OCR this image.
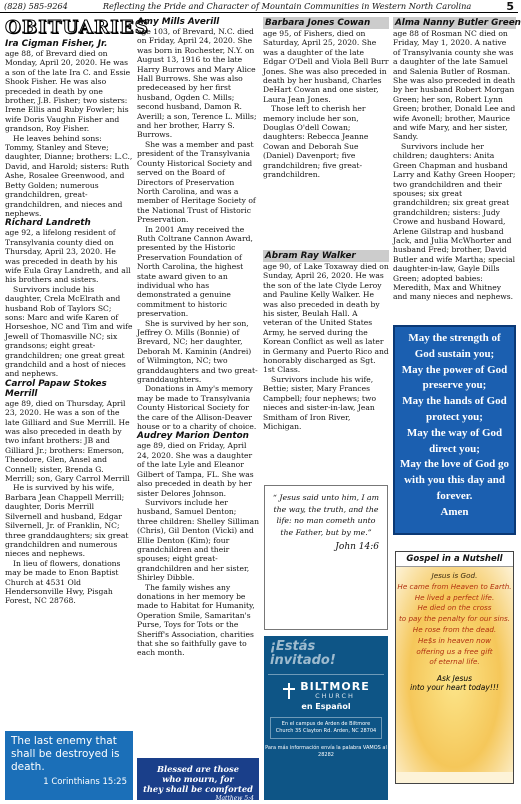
(828) 585-9264	Reflecting the Pride and Character of Mountain Communities in Western North Carolina	5
OBITUARIES
Ira Cigman Fisher, Jr.
age 88, of Brevard died on Monday, April 20, 2020. He was a son of the late Ira C. and Essie Shook Fisher. He was also preceded in death by one brother, J.B. Fisher; two sisters: Irene Ellis and Ruby Fowler; his wife Doris Vaughn Fisher and grandson, Roy Fisher.
He leaves behind sons: Tommy, Stanley and Steve; daughter, Dianne; brothers: L.C., David, and Harold; sisters: Ruth Ashe, Rosalee Greenwood, and Betty Golden; numerous grandchildren, great-grandchildren, and nieces and nephews.
Richard Landreth
age 92, a lifelong resident of Transylvania county died on Thursday, April 23, 2020. He was preceded in death by his wife Eula Gray Landreth, and all his brothers and sisters.
Survivors include his daughter, Crela McElrath and husband Rob of Taylors SC; sons: Marc and wife Karen of Horseshoe, NC and Tim and wife Jewell of Thomasville NC; six grandsons; eight great-grandchildren; one great great grandchild and a host of nieces and nephews.
Carrol Papaw Stokes Merrill
age 89, died on Thursday, April 23, 2020. He was a son of the late Gilliard and Sue Merrill. He was also preceded in death by two infant brothers: JB and Gilliard Jr.; brothers: Emerson, Theodore, Glen, Ansel and Connell; sister, Brenda G. Merrill; son, Gary Carrol Merrill
He is survived by his wife, Barbara Jean Chappell Merrill; daughter, Doris Merrill Silvernell and husband, Edgar Silvernell, Jr. of Franklin, NC; three granddaughters; six great grandchildren and numerous nieces and nephews.
In lieu of flowers, donations may be made to Enon Baptist Church at 4531 Old Hendersonville Hwy, Pisgah Forest, NC 28768.
Amy Mills Averill
age 103, of Brevard, N.C. died on Friday, April 24, 2020. She was born in Rochester, N.Y. on August 13, 1916 to the late Harry Burrows and Mary Alice Hall Burrows. She was also predeceased by her first husband, Ogden C. Mills; second husband, Damon R. Averill; a son, Terence L. Mills; and her brother, Harry S. Burrows.
She was a member and past president of the Transylvania County Historical Society and served on the Board of Directors of Preservation North Carolina, and was a member of Heritage Society of the National Trust of Historic Preservation.
In 2001 Amy received the Ruth Coltrane Cannon Award, presented by the Historic Preservation Foundation of North Carolina, the highest state award given to an individual who has demonstrated a genuine commitment to historic preservation.
She is survived by her son, Jeffrey O. Mills (Bonnie) of Brevard, NC; her daughter, Deborah M. Kaminin (Andrei) of Wilmington, NC; two granddaughters and two great-granddaughters.
Donations in Amy's memory may be made to Transylvania County Historical Society for the care of the Allison-Deaver house or to a charity of choice.
Audrey Marion Denton
age 89, died on Friday, April 24, 2020. She was a daughter of the late Lyle and Eleanor Gilbert of Tampa, FL. She was also preceded in death by her sister Delores Johnson.
Survivors include her husband, Samuel Denton; three children: Shelley Silliman (Chris), Gil Denton (Vicki) and Ellie Denton (Kim); four grandchildren and their spouses; eight great-grandchildren and her sister, Shirley Dibble.
The family wishes any donations in her memory be made to Habitat for Humanity, Operation Smile, Samaritan's Purse, Toys for Tots or the Sheriff's Association, charities that she so faithfully gave to each month.
Barbara Jones Cowan
age 95, of Fishers, died on Saturday, April 25, 2020. She was a daughter of the late Edgar O'Dell and Viola Bell Burr Jones. She was also preceded in death by her husband, Charles DeHart Cowan and one sister, Laura Jean Jones.
Those left to cherish her memory include her son, Douglas O'dell Cowan; daughters: Rebecca Jeanne Cowan and Deborah Sue (Daniel) Davenport; five grandchildren; five great-grandchildren.
Abram Ray Walker
age 90, of Lake Toxaway died on Sunday, April 26, 2020. He was the son of the late Clyde Leroy and Pauline Kelly Walker. He was also preceded in death by his sister, Beulah Hall. A veteran of the United States Army, he served during the Korean Conflict as well as later in Germany and Puerto Rico and honorably discharged as Sgt. 1st Class.
Survivors include his wife, Bettie; sister, Mary Frances Campbell; four nephews; two nieces and sister-in-law, Jean Smitham of Iron River, Michigan.
“ Jesus said unto him, I am the way, the truth, and the life: no man cometh unto the Father, but by me.”
John 14:6
¡Estás
invitado!
BILTMORE
CHURCH
en Español
En el campus de Arden de Biltmore Church 35 Clayton Rd. Arden, NC 28704
Para más información envía la palabra VAMOS al 28282
Alma Nanny Butler Green
age 88 of Rosman NC died on Friday, May 1, 2020. A native of Transylvania county she was a daughter of the late Samuel and Salenia Butler of Rosman. She was also preceded in death by her husband Robert Morgan Green; her son, Robert Lynn Green; brother, Donald Lee and wife Avonell; brother, Maurice and wife Mary, and her sister, Sandy.
Survivors include her children; daughters: Anita Green Chapman and husband Larry and Kathy Green Hooper; two grandchildren and their spouses; six great grandchildren; six great great grandchildren; sisters: Judy Crowe and husband Howard, Arlene Gilstrap and husband Jack, and Julia McWhorter and husband Fred; brother, David Butler and wife Martha; special daughter-in-law, Gayle Dills Green; adopted babies: Meredith, Max and Whitney and many nieces and nephews.
May the strength of God sustain you;
May the power of God preserve you;
May the hands of God protect you;
May the way of God direct you;
May the love of God go with you this day and forever.
Amen
Gospel in a Nutshell
Jesus is God.
He came from Heaven to Earth.
He lived a perfect life.
He died on the cross
to pay the penalty for our sins.
He rose from the dead.
He$s in heaven now
offering us a free gift
of eternal life.
Ask Jesus
into your heart today!!!
The last enemy that shall be destroyed is death.
1 Corinthians 15:25
Blessed are those
who mourn, for
they shall be comforted
Matthew 5:4
